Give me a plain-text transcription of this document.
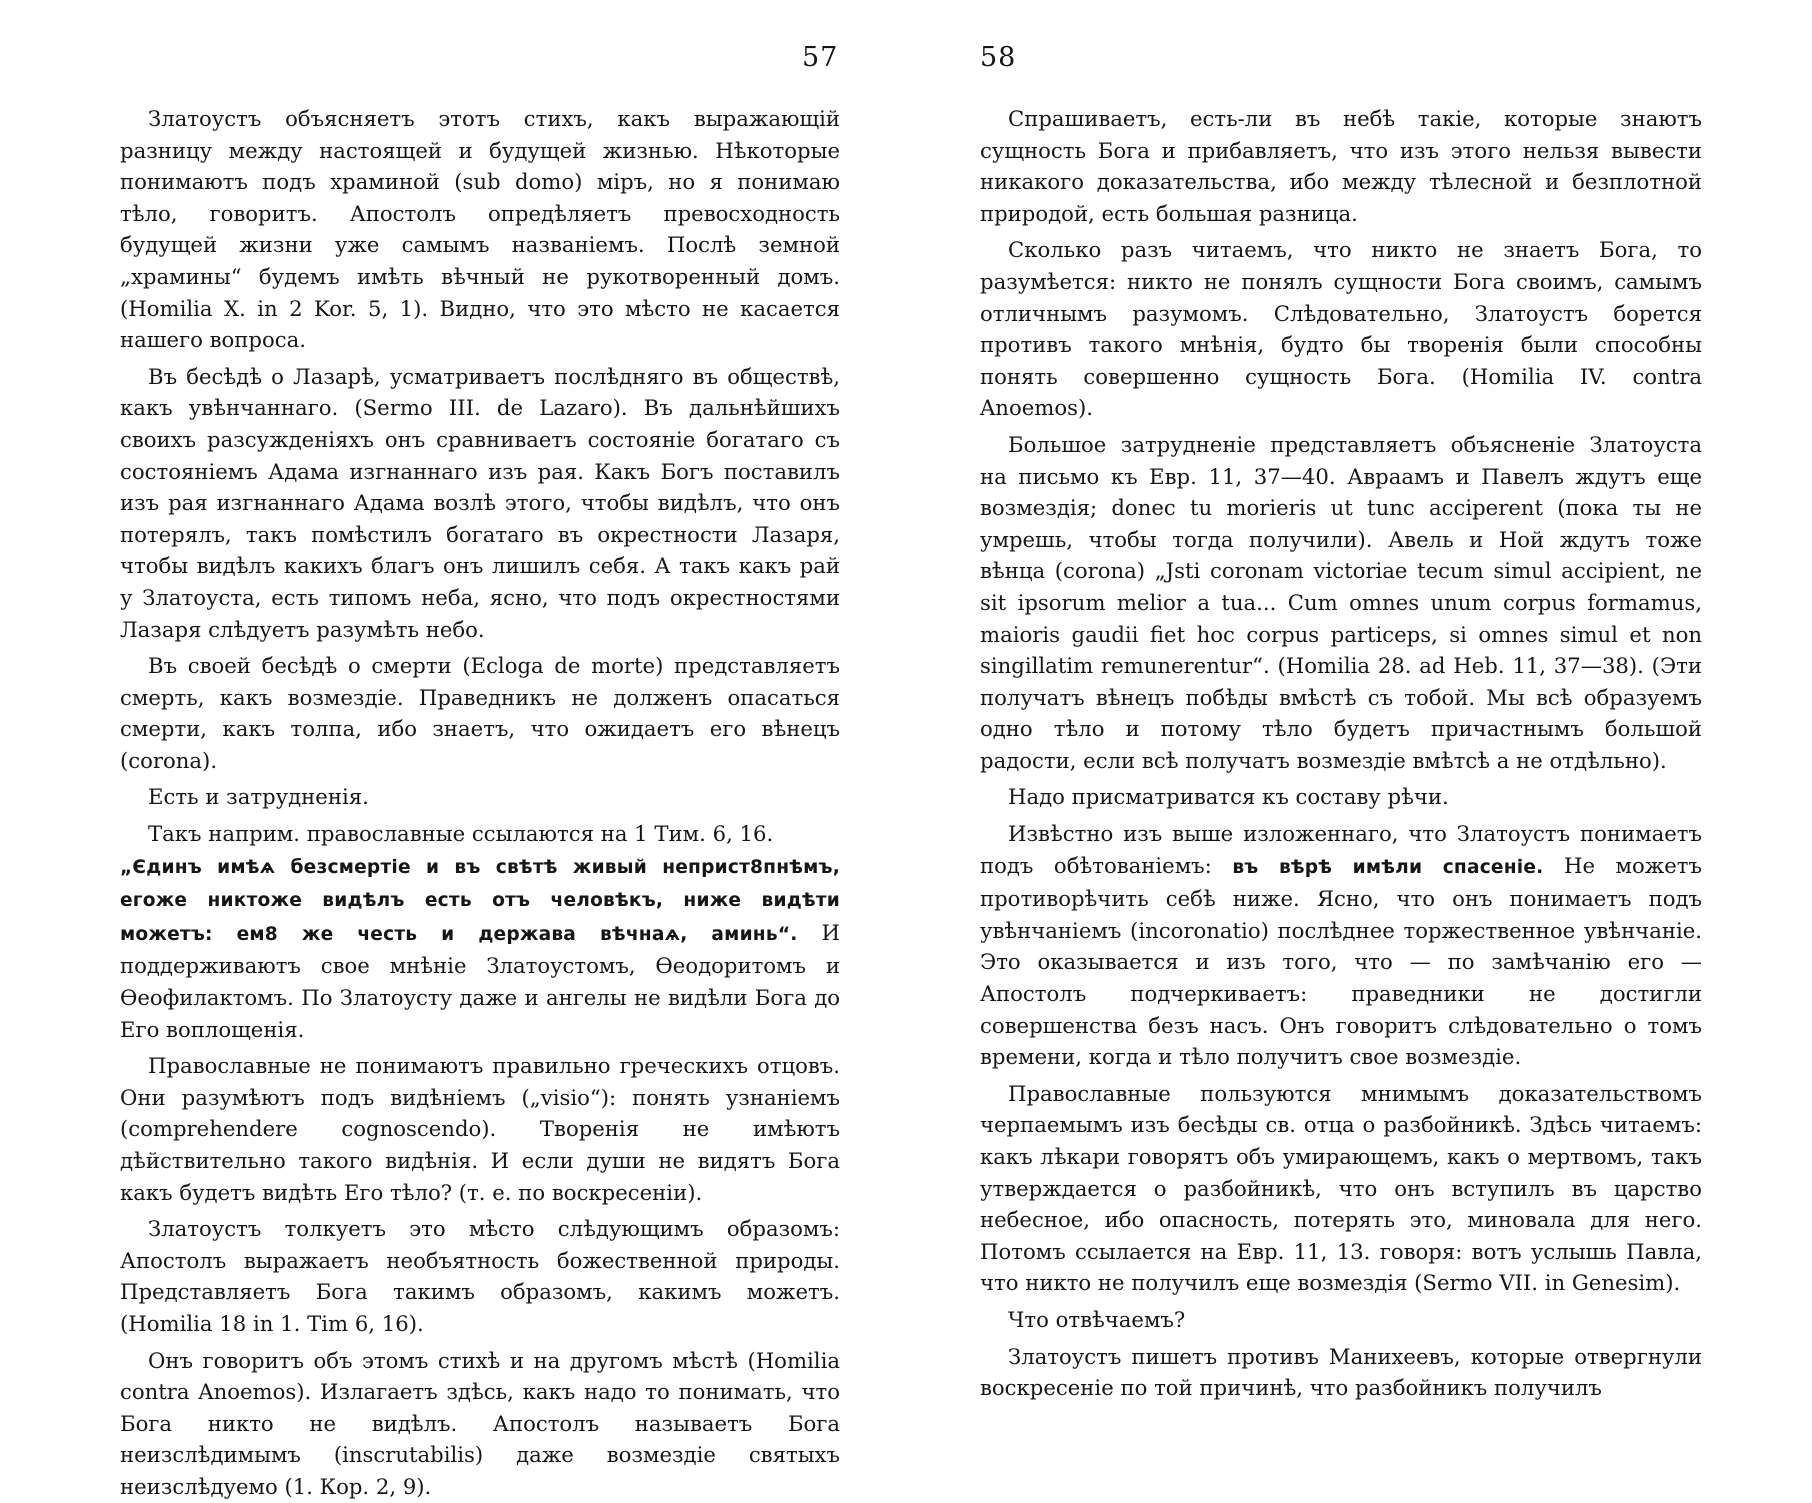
57

Златоустъ объясняетъ этотъ стихъ, какъ выражающій разницу между настоящей и будущей жизнью. Нѣкоторые понимаютъ подъ храминой (sub domo) міръ, но я понимаю тѣло, говоритъ. Апостолъ опредѣляетъ превосходность будущей жизни уже самымъ названіемъ. Послѣ земной „храмины“ будемъ имѣть вѣчный не рукотворенный домъ. (Homilia X. in 2 Kor. 5, 1). Видно, что это мѣсто не касается нашего вопроса.

Въ бесѣдѣ о Лазарѣ, усматриваетъ послѣдняго въ обществѣ, какъ увѣнчаннаго. (Sermo III. de Lazaro). Въ дальнѣйшихъ своихъ разсужденіяхъ онъ сравниваетъ состояніе богатаго съ состояніемъ Адама изгнаннаго изъ рая. Какъ Богъ поставилъ изъ рая изгнаннаго Адама возлѣ этого, чтобы видѣлъ, что онъ потерялъ, такъ помѣстилъ богатаго въ окрестности Лазаря, чтобы видѣлъ какихъ благъ онъ лишилъ себя. А такъ какъ рай у Златоуста, есть типомъ неба, ясно, что подъ окрестностями Лазаря слѣдуетъ разумѣть небо.

Въ своей бесѣдѣ о смерти (Ecloga de morte) представляетъ смерть, какъ возмездіе. Праведникъ не долженъ опасаться смерти, какъ толпа, ибо знаетъ, что ожидаетъ его вѣнецъ (corona).

Есть и затрудненія.

Такъ наприм. православные ссылаются на 1 Тим. 6, 16.

„Єдинъ имѣѧ безсмертіе и въ свѣтѣ живый неприст8пнѣмъ, егоже никтоже видѣлъ есть отъ человѣкъ, ниже видѣти можетъ: ем8 же честь и держава вѣчнаѧ, аминь“. И поддерживаютъ свое мнѣніе Златоустомъ, Ѳеодоритомъ и Ѳеофилактомъ. По Златоусту даже и ангелы не видѣли Бога до Его воплощенія.

Православные не понимаютъ правильно греческихъ отцовъ. Они разумѣютъ подъ видѣніемъ („visio“): понять узнаніемъ (comprehendere cognoscendo). Творенія не имѣютъ дѣйствительно такого видѣнія. И если души не видятъ Бога какъ будетъ видѣть Его тѣло? (т. е. по воскресеніи).

Златоустъ толкуетъ это мѣсто слѣдующимъ образомъ: Апостолъ выражаетъ необъятность божественной природы. Представляетъ Бога такимъ образомъ, какимъ можетъ. (Homilia 18 in 1. Tim 6, 16).

Онъ говоритъ объ этомъ стихѣ и на другомъ мѣстѣ (Homilia contra Anoemos). Излагаетъ здѣсь, какъ надо то понимать, что Бога никто не видѣлъ. Апостолъ называетъ Бога неизслѣдимымъ (inscrutabilis) даже возмездіе святыхъ неизслѣдуемо (1. Кор. 2, 9).

58

Спрашиваетъ, есть-ли въ небѣ такіе, которые знаютъ сущность Бога и прибавляетъ, что изъ этого нельзя вывести никакого доказательства, ибо между тѣлесной и безплотной природой, есть большая разница.

Сколько разъ читаемъ, что никто не знаетъ Бога, то разумѣется: никто не понялъ сущности Бога своимъ, самымъ отличнымъ разумомъ. Слѣдовательно, Златоустъ борется противъ такого мнѣнія, будто бы творенія были способны понять совершенно сущность Бога. (Homilia IV. contra Anoemos).

Большое затрудненіе представляетъ объясненіе Златоуста на письмо къ Евр. 11, 37—40. Авраамъ и Павелъ ждутъ еще возмездія; donec tu morieris ut tunc acciperent (пока ты не умрешь, чтобы тогда получили). Авель и Ной ждутъ тоже вѣнца (corona) „Jsti coronam victoriae tecum simul accipient, ne sit ipsorum melior a tua... Cum omnes unum corpus formamus, maioris gaudii fiet hoc corpus particeps, si omnes simul et non singillatim remunerentur“. (Homilia 28. ad Heb. 11, 37—38). (Эти получатъ вѣнецъ побѣды вмѣстѣ съ тобой. Мы всѣ образуемъ одно тѣло и потому тѣло будетъ причастнымъ большой радости, если всѣ получатъ возмездіе вмѣтсѣ а не отдѣльно).

Надо присматриватся къ составу рѣчи.

Извѣстно изъ выше изложеннаго, что Златоустъ понимаетъ подъ обѣтованіемъ: въ вѣрѣ имѣли спасеніе. Не можетъ противорѣчить себѣ ниже. Ясно, что онъ понимаетъ подъ увѣнчаніемъ (incoronatio) послѣднее торжественное увѣнчаніе. Это оказывается и изъ того, что — по замѣчанію его — Апостолъ подчеркиваетъ: праведники не достигли совершенства безъ насъ. Онъ говоритъ слѣдовательно о томъ времени, когда и тѣло получитъ свое возмездіе.

Православные пользуются мнимымъ доказательствомъ черпаемымъ изъ бесѣды св. отца о разбойникѣ. Здѣсь читаемъ: какъ лѣкари говорятъ объ умирающемъ, какъ о мертвомъ, такъ утверждается о разбойникѣ, что онъ вступилъ въ царство небесное, ибо опасность, потерять это, миновала для него. Потомъ ссылается на Евр. 11, 13. говоря: вотъ услышь Павла, что никто не получилъ еще возмездія (Sermo VII. in Genesim).

Что отвѣчаемъ?

Златоустъ пишетъ противъ Манихеевъ, которые отвергнули воскресеніе по той причинѣ, что разбойникъ получилъ
